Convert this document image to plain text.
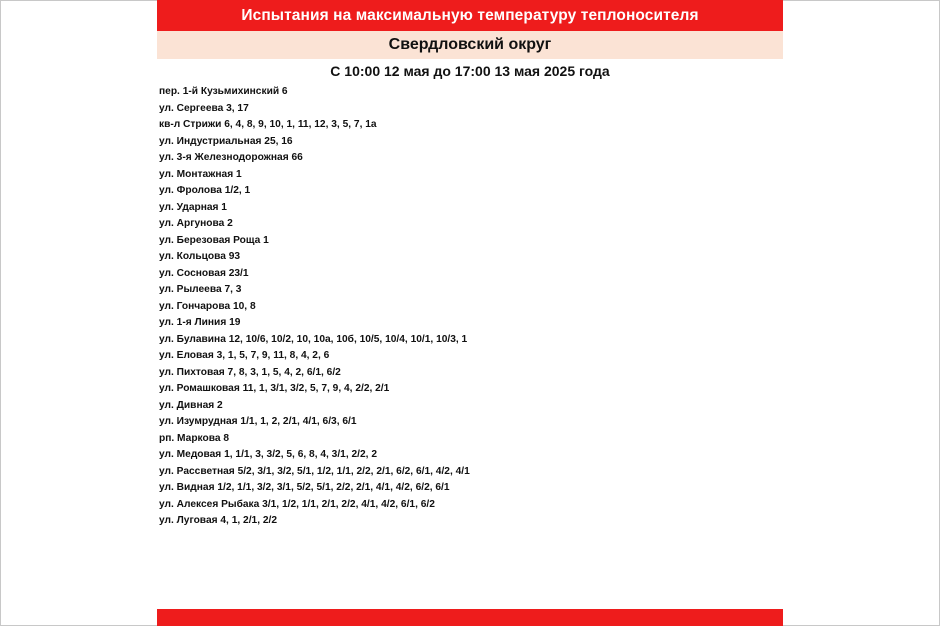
Испытания на максимальную температуру теплоносителя
Свердловский округ
С 10:00 12 мая до 17:00 13 мая 2025 года
пер. 1-й Кузьмихинский 6
ул. Сергеева 3, 17
кв-л Стрижи 6, 4, 8, 9, 10, 1, 11, 12, 3, 5, 7, 1а
ул. Индустриальная 25, 16
ул. 3-я Железнодорожная 66
ул. Монтажная 1
ул. Фролова 1/2, 1
ул. Ударная 1
ул. Аргунова 2
ул. Березовая Роща 1
ул. Кольцова 93
ул. Сосновая 23/1
ул. Рылеева 7, 3
ул. Гончарова 10, 8
ул. 1-я Линия 19
ул. Булавина 12, 10/6, 10/2, 10, 10а, 10б, 10/5, 10/4, 10/1, 10/3, 1
ул. Еловая 3, 1, 5, 7, 9, 11, 8, 4, 2, 6
ул. Пихтовая 7, 8, 3, 1, 5, 4, 2, 6/1, 6/2
ул. Ромашковая 11, 1, 3/1, 3/2, 5, 7, 9, 4, 2/2, 2/1
ул. Дивная 2
ул. Изумрудная 1/1, 1, 2, 2/1, 4/1, 6/3, 6/1
рп. Маркова 8
ул. Медовая 1, 1/1, 3, 3/2, 5, 6, 8, 4, 3/1, 2/2, 2
ул. Рассветная 5/2, 3/1, 3/2, 5/1, 1/2, 1/1, 2/2, 2/1, 6/2, 6/1, 4/2, 4/1
ул. Видная 1/2, 1/1, 3/2, 3/1, 5/2, 5/1, 2/2, 2/1, 4/1, 4/2, 6/2, 6/1
ул. Алексея Рыбака 3/1, 1/2, 1/1, 2/1, 2/2, 4/1, 4/2, 6/1, 6/2
ул. Луговая 4, 1, 2/1, 2/2
